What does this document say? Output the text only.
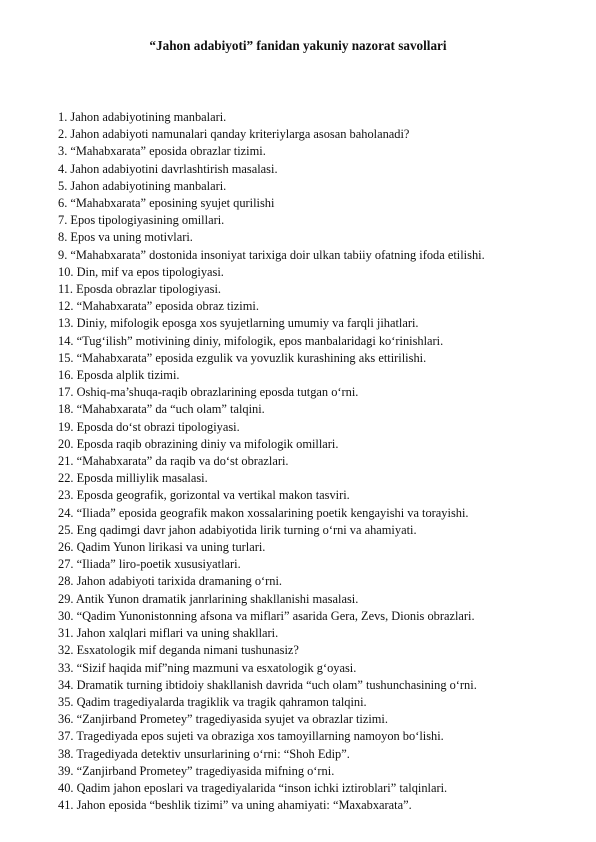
“Jahon adabiyoti” fanidan yakuniy nazorat savollari
1. Jahon adabiyotining manbalari.
2. Jahon adabiyoti namunalari qanday kriteriylarga asosan baholanadi?
3. “Mahabxarata” eposida obrazlar tizimi.
4. Jahon adabiyotini davrlashtirish masalasi.
5. Jahon adabiyotining manbalari.
6. “Mahabxarata” eposining syujet qurilishi
7. Epos tipologiyasining omillari.
8. Epos va uning motivlari.
9. “Mahabxarata” dostonida insoniyat tarixiga doir ulkan tabiiy ofatning ifoda etilishi.
10. Din, mif va epos tipologiyasi.
11. Eposda obrazlar tipologiyasi.
12. “Mahabxarata” eposida obraz tizimi.
13. Diniy, mifologik eposga xos syujetlarning umumiy va farqli jihatlari.
14. “Tug‘ilish” motivining diniy, mifologik, epos manbalaridagi ko‘rinishlari.
15. “Mahabxarata” eposida ezgulik va yovuzlik kurashining aks ettirilishi.
16. Eposda alplik tizimi.
17. Oshiq-ma’shuqa-raqib obrazlarining eposda tutgan o‘rni.
18. “Mahabxarata” da “uch olam” talqini.
19. Eposda do‘st obrazi tipologiyasi.
20. Eposda raqib obrazining diniy va mifologik omillari.
21. “Mahabxarata” da raqib va do‘st obrazlari.
22. Eposda milliylik masalasi.
23. Eposda geografik, gorizontal va vertikal makon tasviri.
24. “Iliada” eposida geografik makon xossalarining poetik kengayishi va torayishi.
25. Eng qadimgi davr jahon adabiyotida lirik turning o‘rni va ahamiyati.
26. Qadim Yunon lirikasi va uning turlari.
27. “Iliada” liro-poetik xususiyatlari.
28. Jahon adabiyoti tarixida dramaning o‘rni.
29. Antik Yunon dramatik janrlarining shakllanishi masalasi.
30. “Qadim Yunonistonning afsona va miflari” asarida Gera, Zevs, Dionis obrazlari.
31. Jahon xalqlari miflari va uning shakllari.
32. Esxatologik mif deganda nimani tushunasiz?
33. “Sizif haqida mif”ning mazmuni va esxatologik g‘oyasi.
34. Dramatik turning ibtidoiy shakllanish davrida “uch olam” tushunchasining o‘rni.
35. Qadim tragediyalarda tragiklik va tragik qahramon talqini.
36. “Zanjirband Prometey” tragediyasida syujet va obrazlar tizimi.
37. Tragediyada epos sujeti va obraziga xos tamoyillarning namoyon bo‘lishi.
38. Tragediyada detektiv unsurlarining o‘rni: “Shoh Edip”.
39. “Zanjirband Prometey” tragediyasida mifning o‘rni.
40. Qadim jahon eposlari va tragediyalarida “inson ichki iztiroblari” talqinlari.
41. Jahon eposida “beshlik tizimi” va uning ahamiyati: “Maxabxarata”.
